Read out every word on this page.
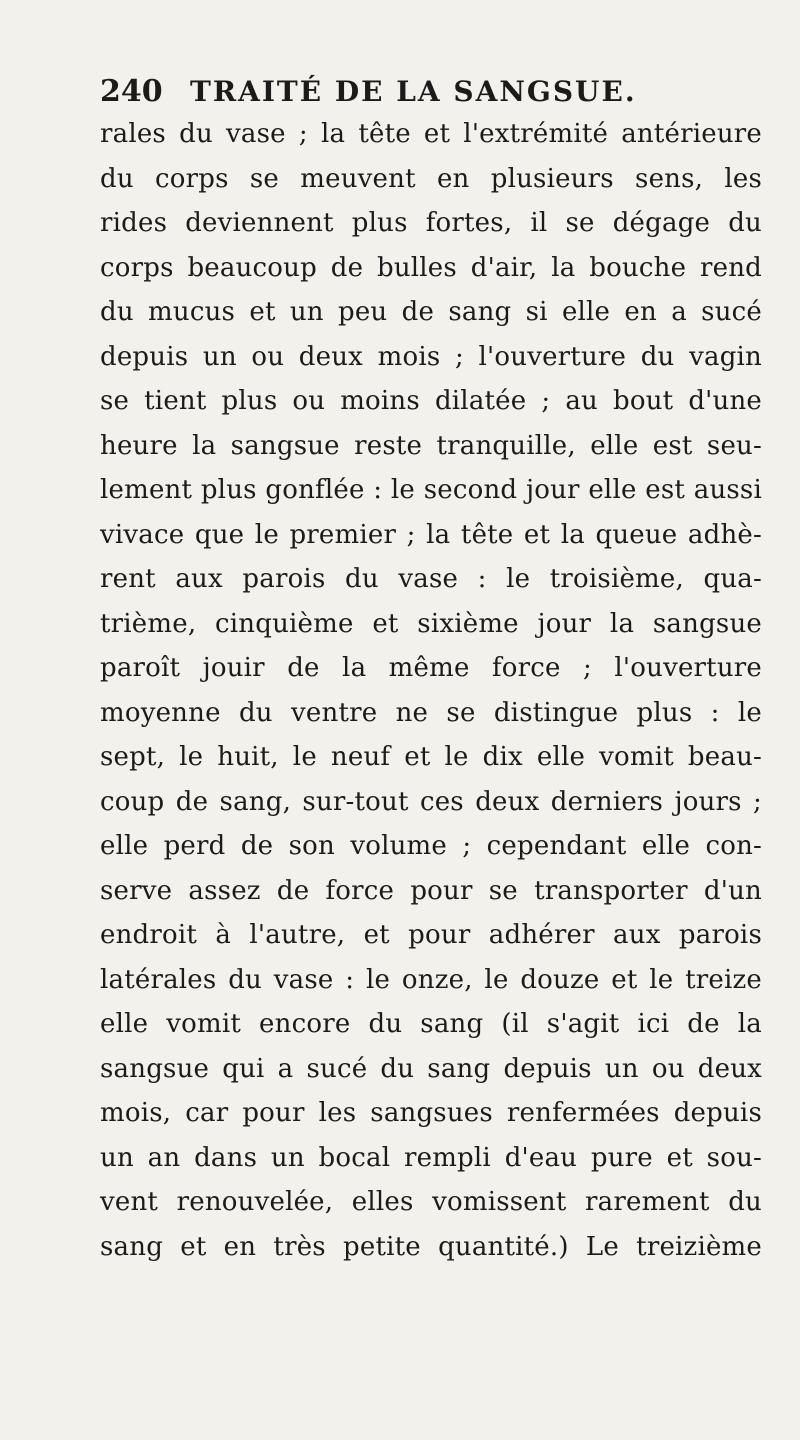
240 TRAITÉ DE LA SANGSUE.
rales du vase ; la tête et l'extrémité antérieure
du corps se meuvent en plusieurs sens, les
rides deviennent plus fortes, il se dégage du
corps beaucoup de bulles d'air, la bouche rend
du mucus et un peu de sang si elle en a sucé
depuis un ou deux mois ; l'ouverture du vagin
se tient plus ou moins dilatée ; au bout d'une
heure la sangsue reste tranquille, elle est seu-
lement plus gonflée : le second jour elle est aussi
vivace que le premier ; la tête et la queue adhè-
rent aux parois du vase : le troisième, qua-
trième, cinquième et sixième jour la sangsue
paroît jouir de la même force ; l'ouverture
moyenne du ventre ne se distingue plus : le
sept, le huit, le neuf et le dix elle vomit beau-
coup de sang, sur-tout ces deux derniers jours ;
elle perd de son volume ; cependant elle con-
serve assez de force pour se transporter d'un
endroit à l'autre, et pour adhérer aux parois
latérales du vase : le onze, le douze et le treize
elle vomit encore du sang (il s'agit ici de la
sangsue qui a sucé du sang depuis un ou deux
mois, car pour les sangsues renfermées depuis
un an dans un bocal rempli d'eau pure et sou-
vent renouvelée, elles vomissent rarement du
sang et en très petite quantité.) Le treizième
